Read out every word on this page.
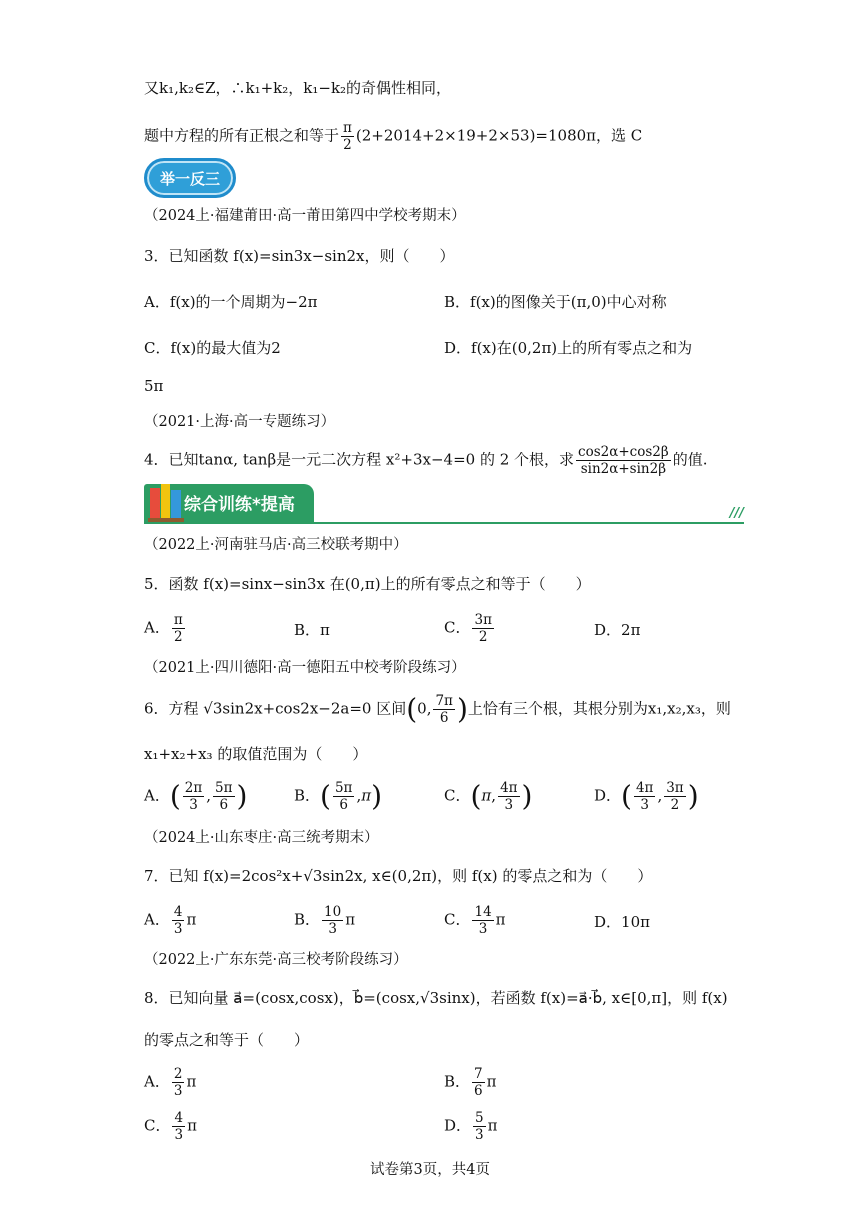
又k₁,k₂∈Z，∴k₁+k₂，k₁−k₂的奇偶性相同，
题中方程的所有正根之和等于 $\frac{\pi}{2} (2+2014+2\times 19+2\times 53)=1080\pi$，选 C
举一反三
（2024上·福建莆田·高一莆田第四中学校考期末）
3．已知函数 f(x)=sin3x−sin2x，则（　　）
A．f(x)的一个周期为−2π	B．f(x)的图像关于(π,0)中心对称
C．f(x)的最大值为2	D．f(x)在(0,2π)上的所有零点之和为
5π
（2021·上海·高一专题练习）
4．已知tanα, tanβ是一元二次方程 x²+3x−4=0 的 2 个根，求 $\frac{\cos 2\alpha+\cos 2\beta}{\sin 2\alpha+\sin 2\beta}$ 的值.
综合训练*提高	///
（2022上·河南驻马店·高三校联考期中）
5．函数 f(x)=sinx−sin3x 在(0,π)上的所有零点之和等于（　　）
A． $\frac{\pi}{2}$	B．π	C． $\frac{3\pi}{2}$	D．2π
（2021上·四川德阳·高一德阳五中校考阶段练习）
6．方程 √3sin2x+cos2x−2a=0 区间(0, $\frac{7\pi}{6}$ )上恰有三个根，其根分别为x₁,x₂,x₃，则
x₁+x₂+x₃ 的取值范围为（　　）
A．( $\frac{2\pi}{3}$ , $\frac{5\pi}{6}$ )	B．( $\frac{5\pi}{6} ,\pi$)	C．(π, $\frac{4\pi}{3}$ )	D．( $\frac{4\pi}{3}$ , $\frac{3\pi}{2}$ )
（2024上·山东枣庄·高三统考期末）
7．已知 f(x)=2cos²x+√3sin2x, x∈(0,2π)，则 f(x) 的零点之和为（　　）
A． $\frac{4}{3}$ π	B． $\frac{10}{3}$ π	C． $\frac{14}{3}$ π	D．10π
（2022上·广东东莞·高三校考阶段练习）
8．已知向量 a⃗=(cosx,cosx)，b⃗=(cosx,√3sinx)，若函数 f(x)=a⃗·b⃗, x∈[0,π]，则 f(x)
的零点之和等于（　　）
A． $\frac{2}{3}$ π	B． $\frac{7}{6}$ π
C． $\frac{4}{3}$ π	D． $\frac{5}{3}$ π
试卷第3页，共4页
